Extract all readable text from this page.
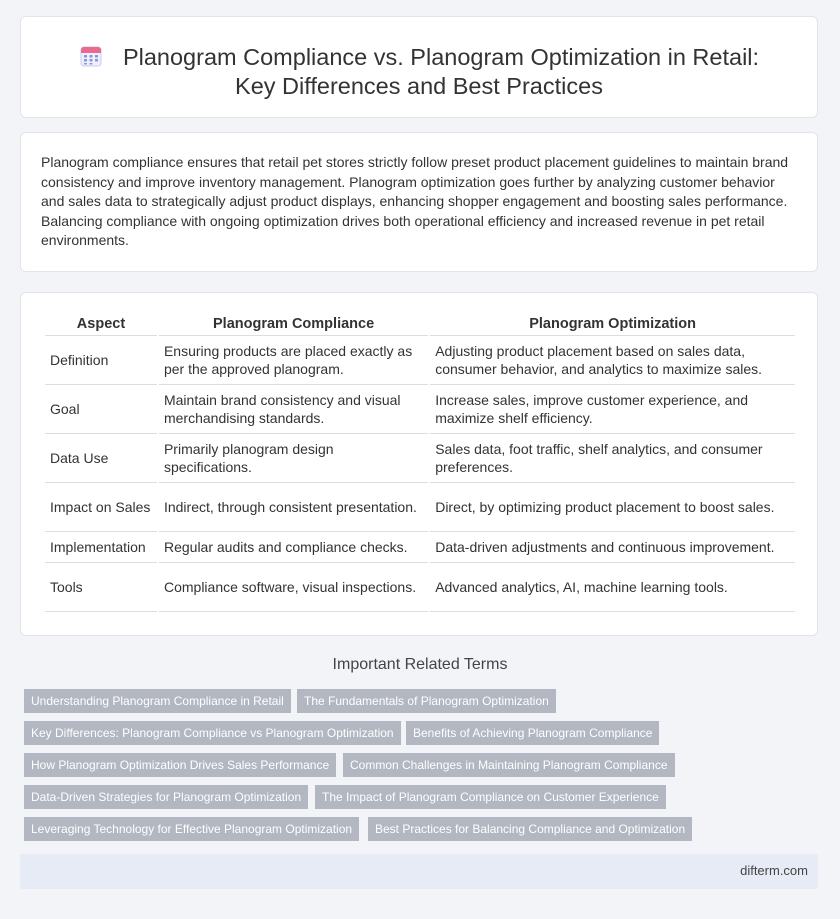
Planogram Compliance vs. Planogram Optimization in Retail: Key Differences and Best Practices

Planogram compliance ensures that retail pet stores strictly follow preset product placement guidelines to maintain brand consistency and improve inventory management. Planogram optimization goes further by analyzing customer behavior and sales data to strategically adjust product displays, enhancing shopper engagement and boosting sales performance. Balancing compliance with ongoing optimization drives both operational efficiency and increased revenue in pet retail environments.

Aspect	Planogram Compliance	Planogram Optimization
Definition	Ensuring products are placed exactly as per the approved planogram.	Adjusting product placement based on sales data, consumer behavior, and analytics to maximize sales.
Goal	Maintain brand consistency and visual merchandising standards.	Increase sales, improve customer experience, and maximize shelf efficiency.
Data Use	Primarily planogram design specifications.	Sales data, foot traffic, shelf analytics, and consumer preferences.
Impact on Sales	Indirect, through consistent presentation.	Direct, by optimizing product placement to boost sales.
Implementation	Regular audits and compliance checks.	Data-driven adjustments and continuous improvement.
Tools	Compliance software, visual inspections.	Advanced analytics, AI, machine learning tools.
Important Related Terms
Understanding Planogram Compliance in Retail	The Fundamentals of Planogram Optimization
Key Differences: Planogram Compliance vs Planogram Optimization	Benefits of Achieving Planogram Compliance
How Planogram Optimization Drives Sales Performance	Common Challenges in Maintaining Planogram Compliance
Data-Driven Strategies for Planogram Optimization	The Impact of Planogram Compliance on Customer Experience
Leveraging Technology for Effective Planogram Optimization	Best Practices for Balancing Compliance and Optimization
difterm.com
